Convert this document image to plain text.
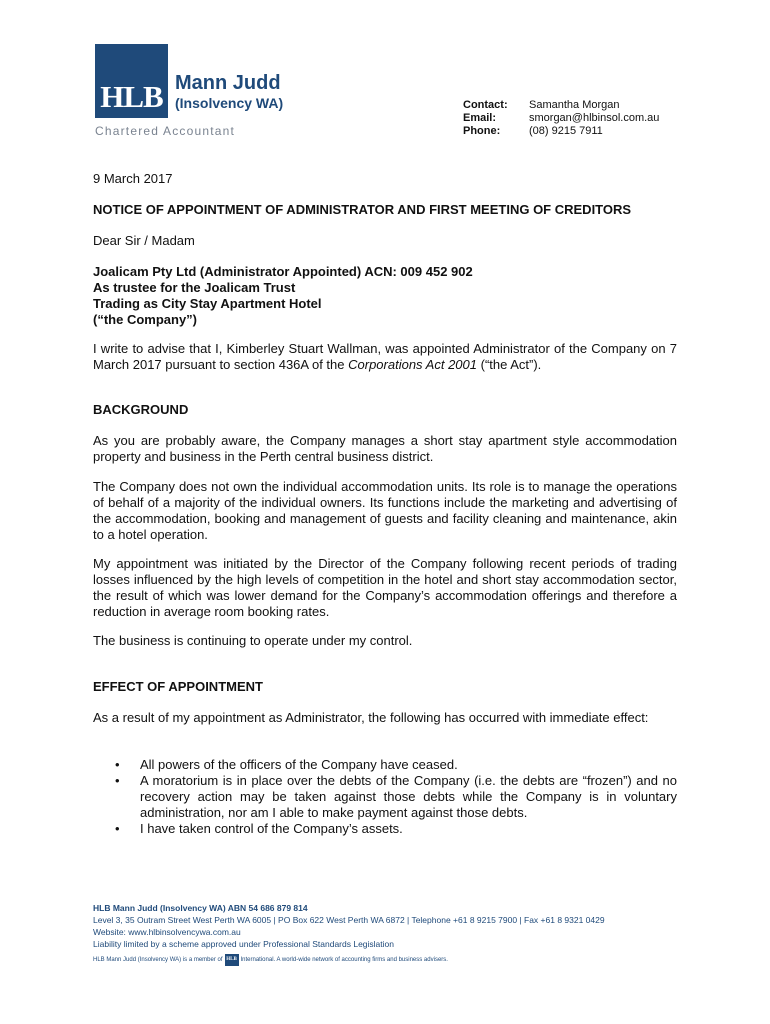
HLB Mann Judd
(Insolvency WA)
Chartered Accountant
Contact:	Samantha Morgan
Email:	smorgan@hlbinsol.com.au
Phone:	(08) 9215 7911
9 March 2017
NOTICE OF APPOINTMENT OF ADMINISTRATOR AND FIRST MEETING OF CREDITORS
Dear Sir / Madam
Joalicam Pty Ltd (Administrator Appointed) ACN: 009 452 902
As trustee for the Joalicam Trust
Trading as City Stay Apartment Hotel
(“the Company”)
I write to advise that I, Kimberley Stuart Wallman, was appointed Administrator of the Company on 7 March 2017 pursuant to section 436A of the Corporations Act 2001 (“the Act”).
BACKGROUND
As you are probably aware, the Company manages a short stay apartment style accommodation property and business in the Perth central business district.
The Company does not own the individual accommodation units. Its role is to manage the operations of behalf of a majority of the individual owners. Its functions include the marketing and advertising of the accommodation, booking and management of guests and facility cleaning and maintenance, akin to a hotel operation.
My appointment was initiated by the Director of the Company following recent periods of trading losses influenced by the high levels of competition in the hotel and short stay accommodation sector, the result of which was lower demand for the Company’s accommodation offerings and therefore a reduction in average room booking rates.
The business is continuing to operate under my control.
EFFECT OF APPOINTMENT
As a result of my appointment as Administrator, the following has occurred with immediate effect:
• All powers of the officers of the Company have ceased.
• A moratorium is in place over the debts of the Company (i.e. the debts are “frozen”) and no recovery action may be taken against those debts while the Company is in voluntary administration, nor am I able to make payment against those debts.
• I have taken control of the Company’s assets.
HLB Mann Judd (Insolvency WA) ABN 54 686 879 814
Level 3, 35 Outram Street West Perth WA 6005 | PO Box 622 West Perth WA 6872 | Telephone +61 8 9215 7900 | Fax +61 8 9321 0429
Website: www.hlbinsolvencywa.com.au
Liability limited by a scheme approved under Professional Standards Legislation
HLB Mann Judd (Insolvency WA) is a member of HLB International. A world-wide network of accounting firms and business advisers.
